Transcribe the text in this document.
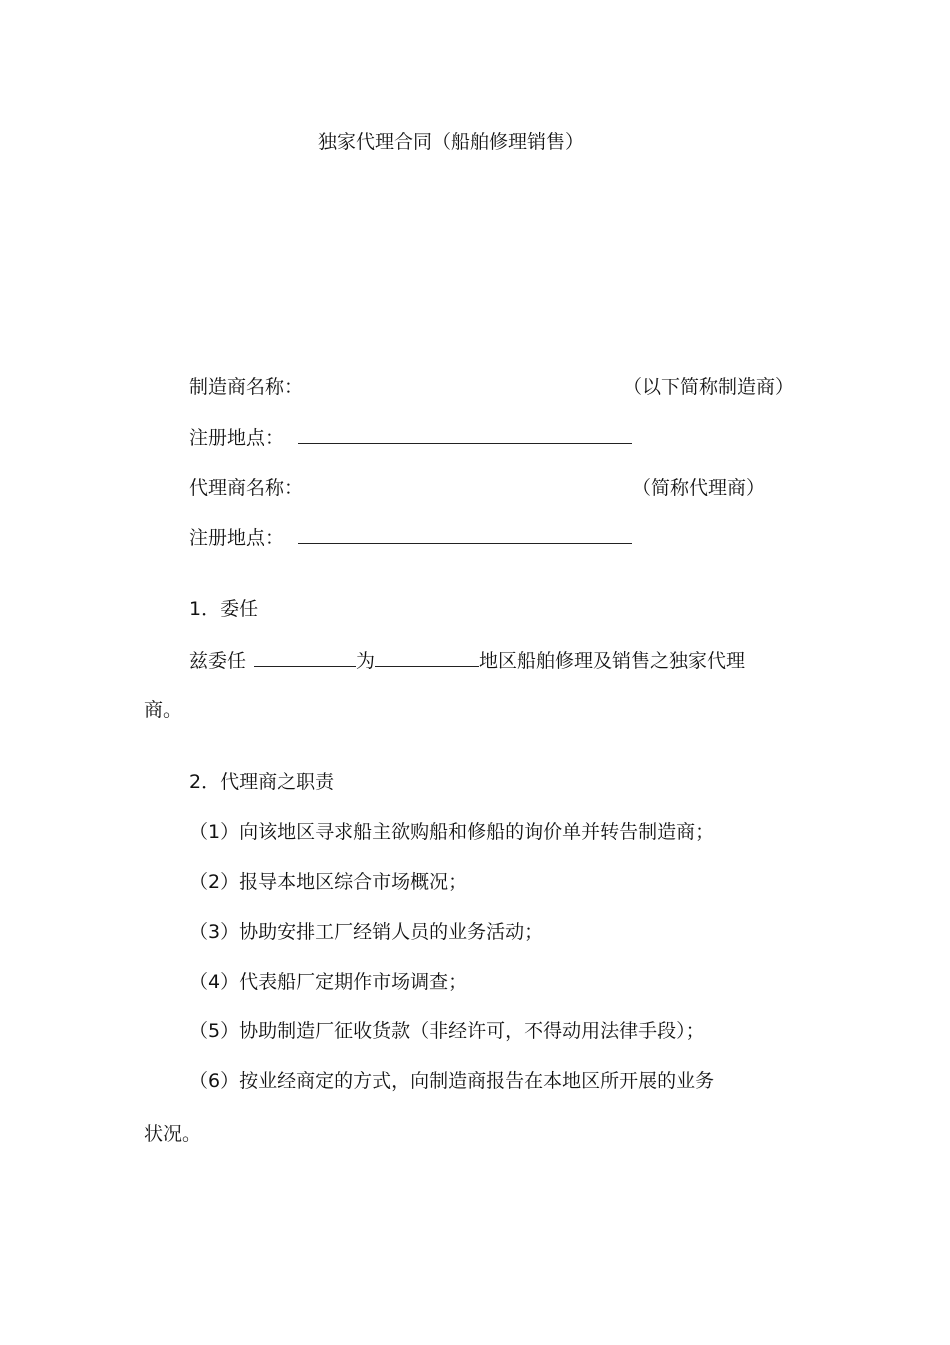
独家代理合同（船舶修理销售）
制造商名称：	（以下简称制造商）
注册地点：
代理商名称：	（简称代理商）
注册地点：
1．委任
兹委任	为	地区船舶修理及销售之独家代理
商。
2．代理商之职责
（1）向该地区寻求船主欲购船和修船的询价单并转告制造商；
（2）报导本地区综合市场概况；
（3）协助安排工厂经销人员的业务活动；
（4）代表船厂定期作市场调查；
（5）协助制造厂征收货款（非经许可，不得动用法律手段）；
（6）按业经商定的方式，向制造商报告在本地区所开展的业务
状况。
